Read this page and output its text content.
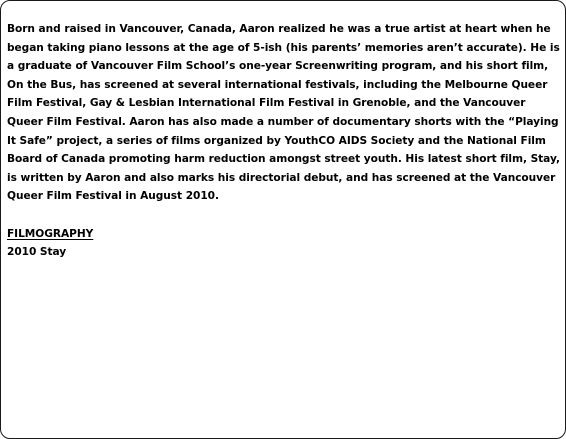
Born and raised in Vancouver, Canada, Aaron realized he was a true artist at heart when he began taking piano lessons at the age of 5-ish (his parents’ memories aren’t accurate). He is a graduate of Vancouver Film School’s one-year Screenwriting program, and his short film, On the Bus, has screened at several international festivals, including the Melbourne Queer Film Festival, Gay & Lesbian International Film Festival in Grenoble, and the Vancouver Queer Film Festival. Aaron has also made a number of documentary shorts with the “Playing It Safe” project, a series of films organized by YouthCO AIDS Society and the National Film Board of Canada promoting harm reduction amongst street youth. His latest short film, Stay, is written by Aaron and also marks his directorial debut, and has screened at the Vancouver Queer Film Festival in August 2010.

FILMOGRAPHY

2010 Stay
